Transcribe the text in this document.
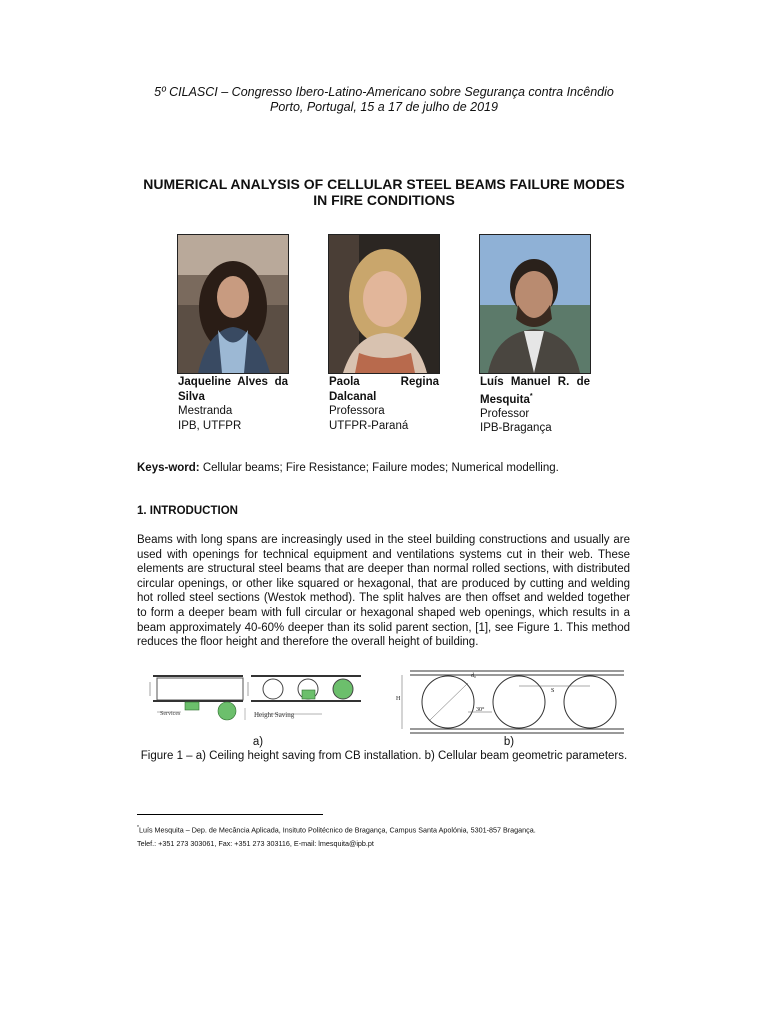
5º CILASCI – Congresso Ibero-Latino-Americano sobre Segurança contra Incêndio
Porto, Portugal, 15 a 17 de julho de 2019
NUMERICAL ANALYSIS OF CELLULAR STEEL BEAMS FAILURE MODES
IN FIRE CONDITIONS
Jaqueline Alves da Silva
Mestranda
IPB, UTFPR
Paola Regina Dalcanal
Professora
UTFPR-Paraná
Luís Manuel R. de Mesquita*
Professor
IPB-Bragança
Keys-word: Cellular beams; Fire Resistance; Failure modes; Numerical modelling.
1. INTRODUCTION
Beams with long spans are increasingly used in the steel building constructions and usually are used with openings for technical equipment and ventilations systems cut in their web. These elements are structural steel beams that are deeper than normal rolled sections, with distributed circular openings, or other like squared or hexagonal, that are produced by cutting and welding hot rolled steel sections (Westok method). The split halves are then offset and welded together to form a deeper beam with full circular or hexagonal shaped web openings, which results in a beam approximately 40-60% deeper than its solid parent section, [1], see Figure 1. This method reduces the floor height and therefore the overall height of building.
Services	Height Saving
d₀
S
H
30°
a)	b)
Figure 1 – a) Ceiling height saving from CB installation. b) Cellular beam geometric parameters.
*Luís Mesquita – Dep. de Mecância Aplicada, Insituto Politécnico de Bragança, Campus Santa Apolónia, 5301-857 Bragança.
Telef.: +351 273 303061, Fax: +351 273 303116, E-mail: lmesquita@ipb.pt
